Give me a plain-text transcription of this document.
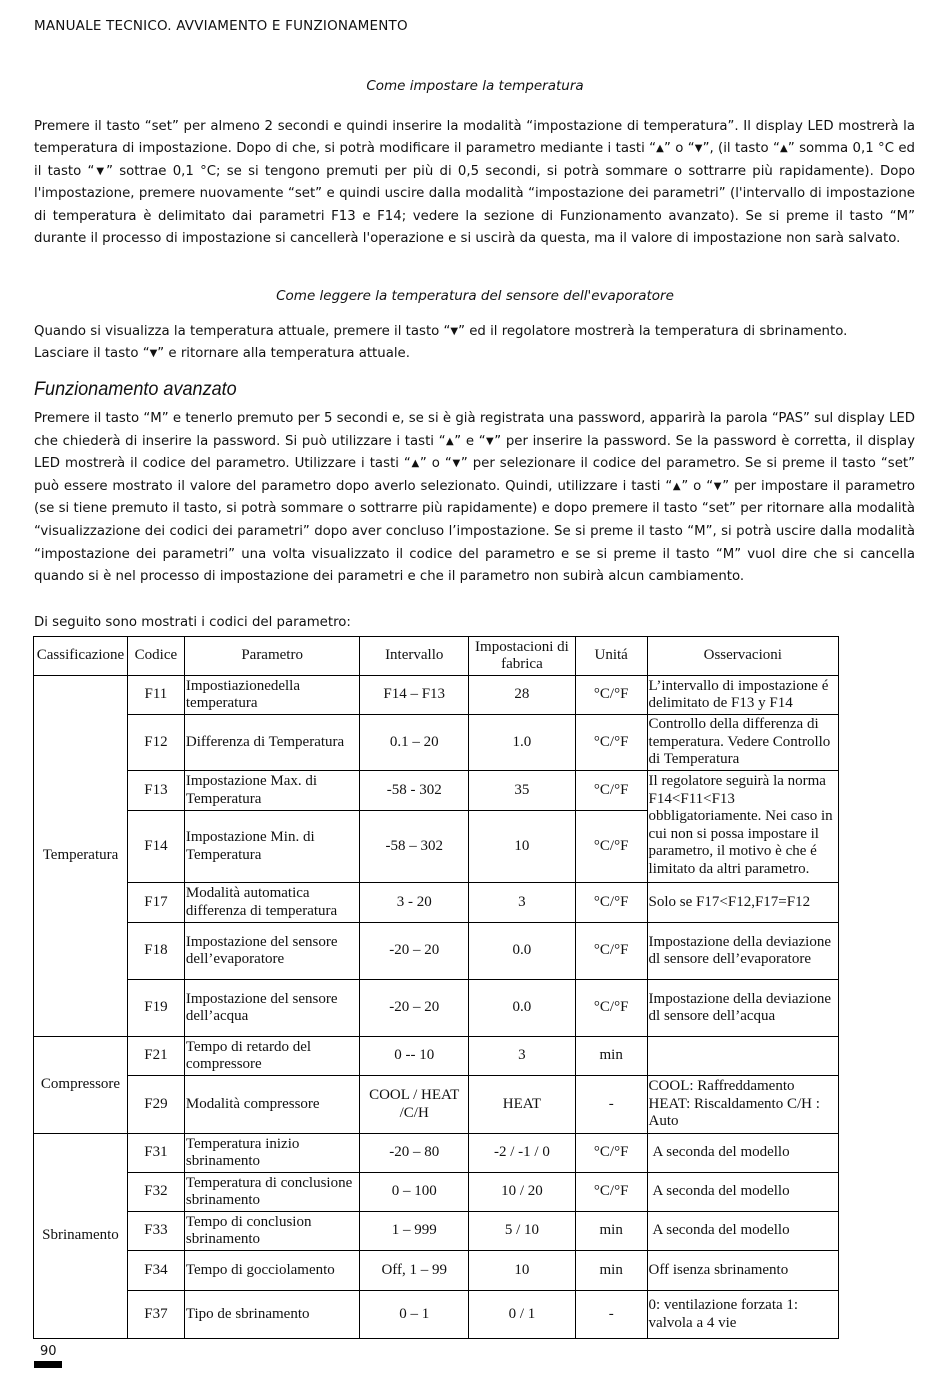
MANUALE TECNICO. AVVIAMENTO E FUNZIONAMENTO
Come impostare la temperatura

Premere il tasto “set” per almeno 2 secondi e quindi inserire la modalità “impostazione di temperatura”. Il display LED mostrerà la temperatura di impostazione. Dopo di che, si potrà modificare il parametro mediante i tasti “▲” o “▼”, (il tasto “▲” somma 0,1 °C ed il tasto “▼” sottrae 0,1 °C; se si tengono premuti per più di 0,5 secondi, si potrà sommare o sottrarre più rapidamente). Dopo l'impostazione, premere nuovamente “set” e quindi uscire dalla modalità “impostazione dei parametri” (l'intervallo di impostazione di temperatura è delimitato dai parametri F13 e F14; vedere la sezione di Funzionamento avanzato). Se si preme il tasto “M” durante il processo di impostazione si cancellerà l'operazione e si uscirà da questa, ma il valore di impostazione non sarà salvato.

Come leggere la temperatura del sensore dell'evaporatore

Quando si visualizza la temperatura attuale, premere il tasto “▼” ed il regolatore mostrerà la temperatura di sbrinamento.
Lasciare il tasto “▼” e ritornare alla temperatura attuale.

Funzionamento avanzato

Premere il tasto “M” e tenerlo premuto per 5 secondi e, se si è già registrata una password, apparirà la parola “PAS” sul display LED che chiederà di inserire la password. Si può utilizzare i tasti “▲” e “▼” per inserire la password. Se la password è corretta, il display LED mostrerà il codice del parametro. Utilizzare i tasti “▲” o “▼” per selezionare il codice del parametro. Se si preme il tasto “set” può essere mostrato il valore del parametro dopo averlo selezionato. Quindi, utilizzare i tasti “▲” o “▼” per impostare il parametro (se si tiene premuto il tasto, si potrà sommare o sottrarre più rapidamente) e dopo premere il tasto “set” per ritornare alla modalità “visualizzazione dei codici dei parametri” dopo aver concluso l’impostazione. Se si preme il tasto “M”, si potrà uscire dalla modalità “impostazione dei parametri” una volta visualizzato il codice del parametro e se si preme il tasto “M” vuol dire che si cancella quando si è nel processo di impostazione dei parametri e che il parametro non subirà alcun cambiamento.

Di seguito sono mostrati i codici del parametro:
Cassificazione	Codice	Parametro	Intervallo	Impostacioni di fabrica	Unitá	Osservacioni
Temperatura	F11	Impostiazionedella temperatura	F14 – F13	28	°C/°F	L’intervallo di impostazione é delimitato de F13 y F14
	F12	Differenza di Temperatura	0.1 – 20	1.0	°C/°F	Controllo della differenza di temperatura. Vedere Controllo di Temperatura
	F13	Impostazione Max. di Temperatura	-58 - 302	35	°C/°F	Il regolatore seguirà la norma F14<F11<F13 obbligatoriamente. Nei caso in cui non si possa impostare il parametro, il motivo è che é limitato da altri parametro.
	F14	Impostazione Min. di Temperatura	-58 – 302	10	°C/°F	
	F17	Modalità automatica differenza di temperatura	3 - 20	3	°C/°F	Solo se F17<F12,F17=F12
	F18	Impostazione del sensore dell’evaporatore	-20 – 20	0.0	°C/°F	Impostazione della deviazione dl sensore dell’evaporatore
	F19	Impostazione del sensore dell’acqua	-20 – 20	0.0	°C/°F	Impostazione della deviazione dl sensore dell’acqua
Compressore	F21	Tempo di retardo del compressore	0 -- 10	3	min	
	F29	Modalità compressore	COOL / HEAT /C/H	HEAT	-	COOL: Raffreddamento HEAT: Riscaldamento C/H : Auto
Sbrinamento	F31	Temperatura inizio sbrinamento	-20 – 80	-2 / -1 / 0	°C/°F	A seconda del modello
	F32	Temperatura di conclusione sbrinamento	0 – 100	10 / 20	°C/°F	A seconda del modello
	F33	Tempo di conclusion sbrinamento	1 – 999	5 / 10	min	A seconda del modello
	F34	Tempo di gocciolamento	Off, 1 – 99	10	min	Off isenza sbrinamento
	F37	Tipo de sbrinamento	0 – 1	0 / 1	-	0: ventilazione forzata 1: valvola a 4 vie
90
